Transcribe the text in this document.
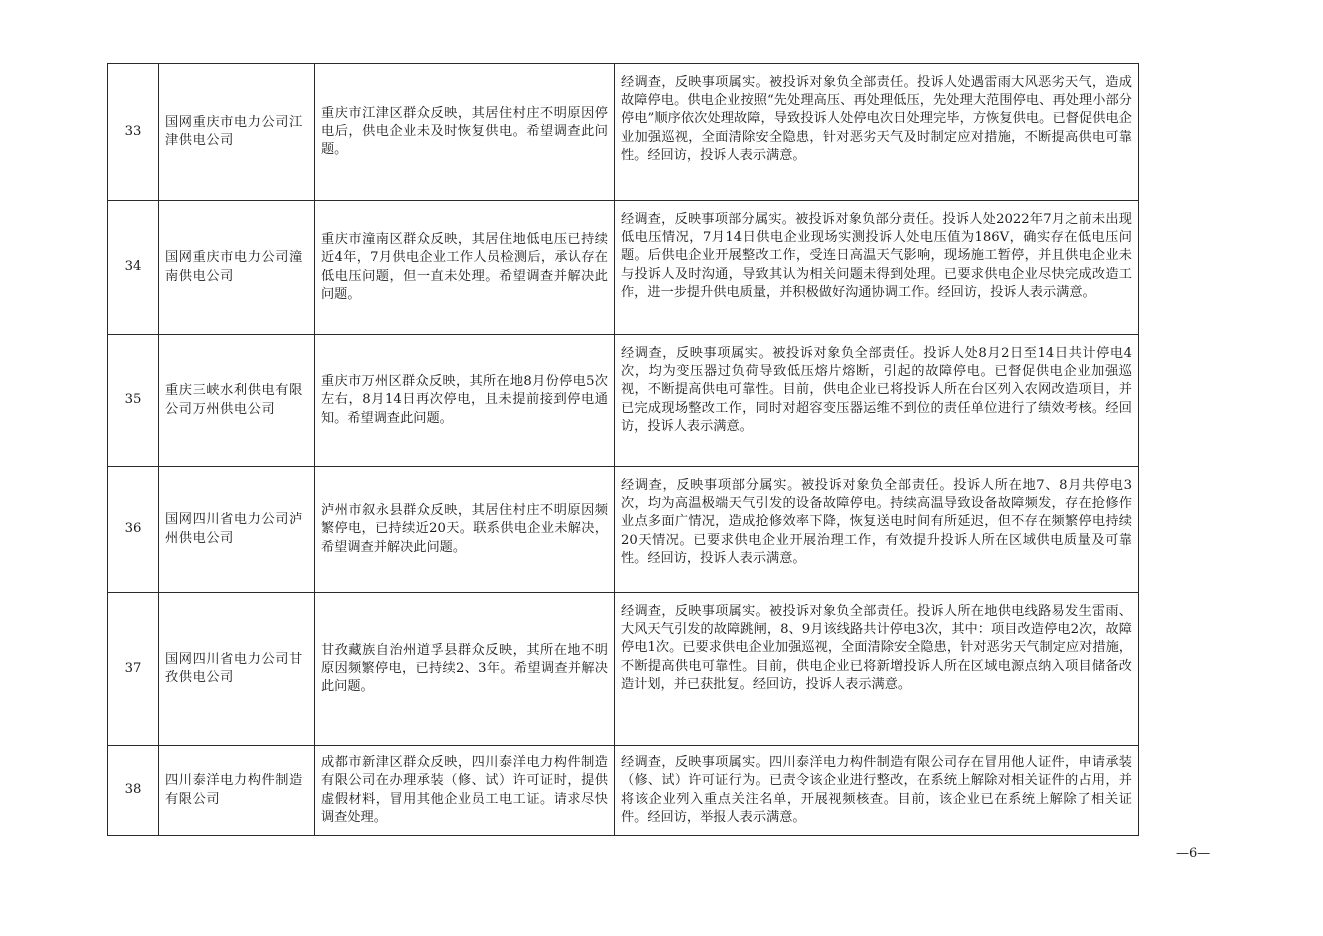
33	国网重庆市电力公司江津供电公司	重庆市江津区群众反映，其居住村庄不明原因停电后，供电企业未及时恢复供电。希望调查此问题。	经调查，反映事项属实。被投诉对象负全部责任。投诉人处遇雷雨大风恶劣天气，造成故障停电。供电企业按照“先处理高压、再处理低压，先处理大范围停电、再处理小部分停电”顺序依次处理故障，导致投诉人处停电次日处理完毕，方恢复供电。已督促供电企业加强巡视，全面清除安全隐患，针对恶劣天气及时制定应对措施，不断提高供电可靠性。经回访，投诉人表示满意。
34	国网重庆市电力公司潼南供电公司	重庆市潼南区群众反映，其居住地低电压已持续近4年，7月供电企业工作人员检测后，承认存在低电压问题，但一直未处理。希望调查并解决此问题。	经调查，反映事项部分属实。被投诉对象负部分责任。投诉人处2022年7月之前未出现低电压情况，7月14日供电企业现场实测投诉人处电压值为186V，确实存在低电压问题。后供电企业开展整改工作，受连日高温天气影响，现场施工暂停，并且供电企业未与投诉人及时沟通，导致其认为相关问题未得到处理。已要求供电企业尽快完成改造工作，进一步提升供电质量，并积极做好沟通协调工作。经回访，投诉人表示满意。
35	重庆三峡水利供电有限公司万州供电公司	重庆市万州区群众反映，其所在地8月份停电5次左右，8月14日再次停电，且未提前接到停电通知。希望调查此问题。	经调查，反映事项属实。被投诉对象负全部责任。投诉人处8月2日至14日共计停电4次，均为变压器过负荷导致低压熔片熔断，引起的故障停电。已督促供电企业加强巡视，不断提高供电可靠性。目前，供电企业已将投诉人所在台区列入农网改造项目，并已完成现场整改工作，同时对超容变压器运维不到位的责任单位进行了绩效考核。经回访，投诉人表示满意。
36	国网四川省电力公司泸州供电公司	泸州市叙永县群众反映，其居住村庄不明原因频繁停电，已持续近20天。联系供电企业未解决，希望调查并解决此问题。	经调查，反映事项部分属实。被投诉对象负全部责任。投诉人所在地7、8月共停电3次，均为高温极端天气引发的设备故障停电。持续高温导致设备故障频发，存在抢修作业点多面广情况，造成抢修效率下降，恢复送电时间有所延迟，但不存在频繁停电持续20天情况。已要求供电企业开展治理工作，有效提升投诉人所在区域供电质量及可靠性。经回访，投诉人表示满意。
37	国网四川省电力公司甘孜供电公司	甘孜藏族自治州道孚县群众反映，其所在地不明原因频繁停电，已持续2、3年。希望调查并解决此问题。	经调查，反映事项属实。被投诉对象负全部责任。投诉人所在地供电线路易发生雷雨、大风天气引发的故障跳闸，8、9月该线路共计停电3次，其中：项目改造停电2次，故障停电1次。已要求供电企业加强巡视，全面清除安全隐患，针对恶劣天气制定应对措施，不断提高供电可靠性。目前，供电企业已将新增投诉人所在区域电源点纳入项目储备改造计划，并已获批复。经回访，投诉人表示满意。
38	四川泰洋电力构件制造有限公司	成都市新津区群众反映，四川泰洋电力构件制造有限公司在办理承装（修、试）许可证时，提供虚假材料，冒用其他企业员工电工证。请求尽快调查处理。	经调查，反映事项属实。四川泰洋电力构件制造有限公司存在冒用他人证件，申请承装（修、试）许可证行为。已责令该企业进行整改，在系统上解除对相关证件的占用，并将该企业列入重点关注名单，开展视频核查。目前，该企业已在系统上解除了相关证件。经回访，举报人表示满意。
—6—
